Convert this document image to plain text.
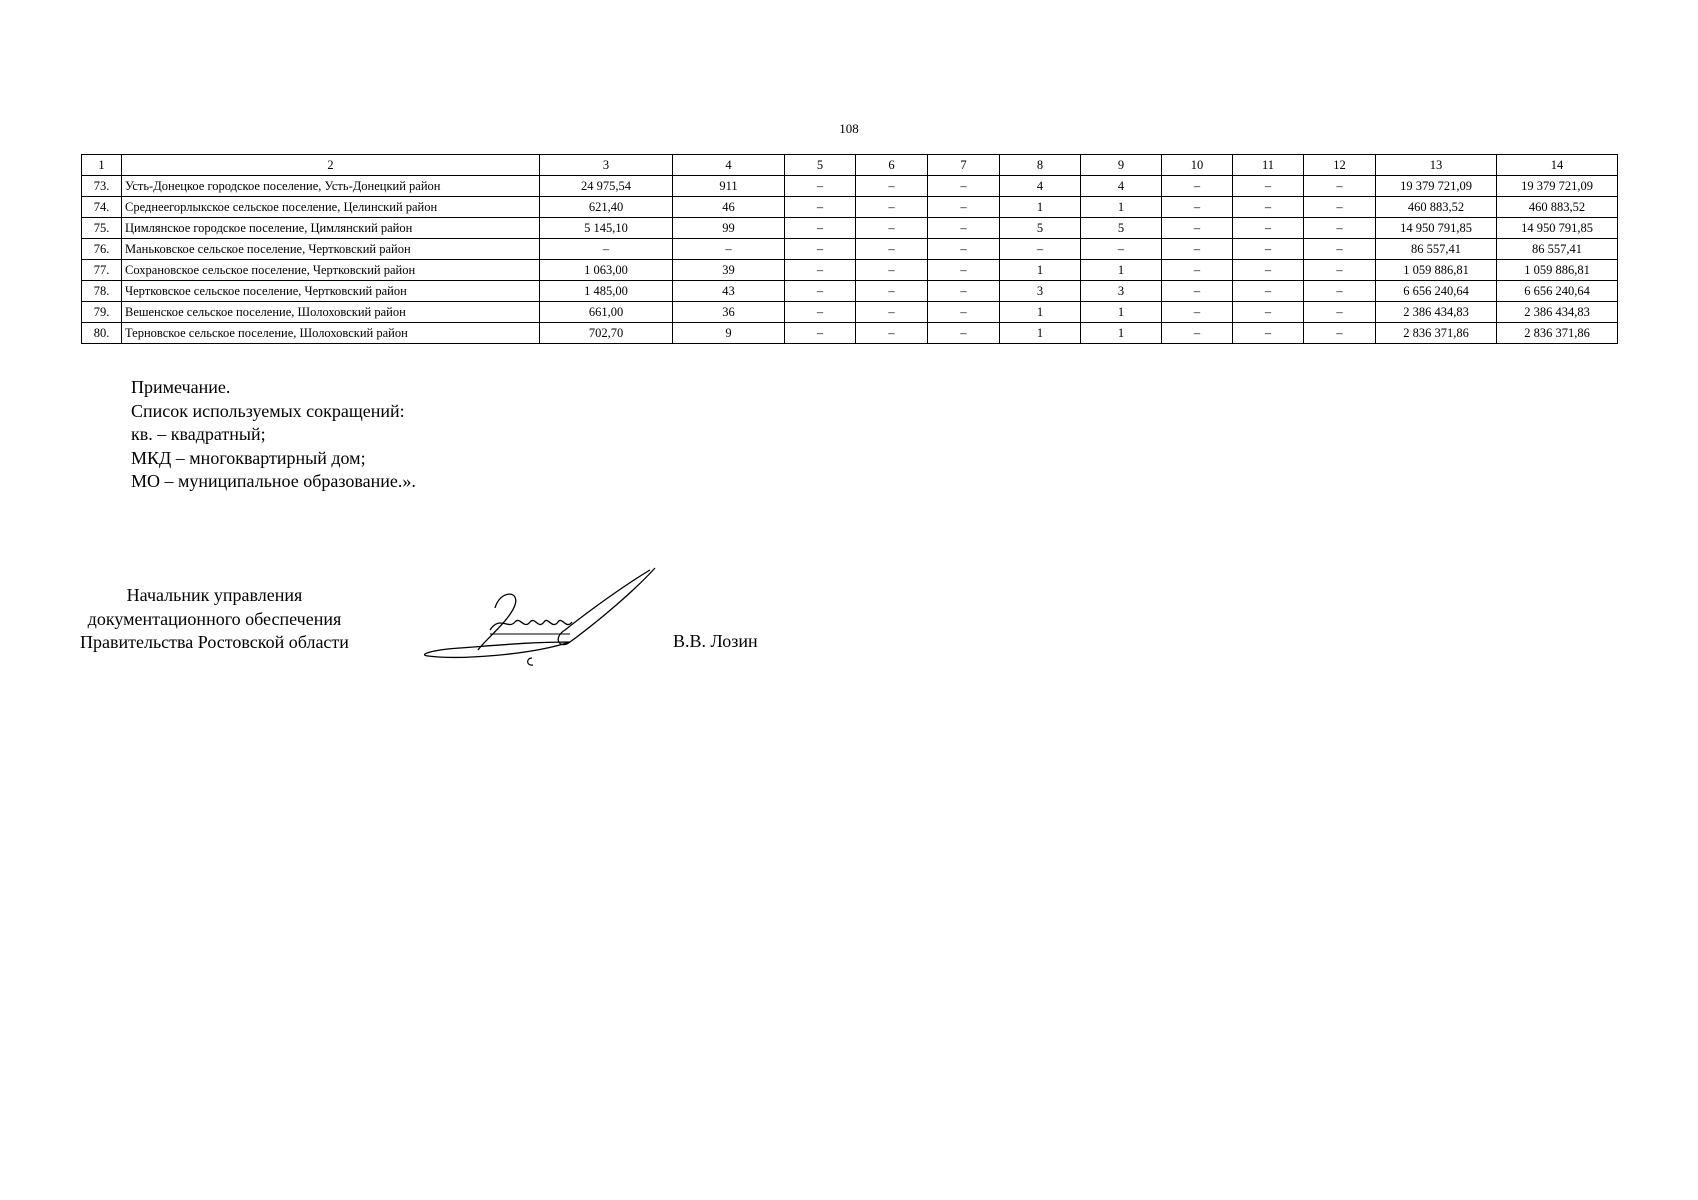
108
1	2	3	4	5	6	7	8	9	10	11	12	13	14
73.	Усть-Донецкое городское поселение, Усть-Донецкий район	24 975,54	911	–	–	–	4	4	–	–	–	19 379 721,09	19 379 721,09
74.	Среднеегорлыкское сельское поселение, Целинский район	621,40	46	–	–	–	1	1	–	–	–	460 883,52	460 883,52
75.	Цимлянское городское поселение, Цимлянский район	5 145,10	99	–	–	–	5	5	–	–	–	14 950 791,85	14 950 791,85
76.	Маньковское сельское поселение, Чертковский район	–	–	–	–	–	–	–	–	–	–	86 557,41	86 557,41
77.	Сохрановское сельское поселение, Чертковский район	1 063,00	39	–	–	–	1	1	–	–	–	1 059 886,81	1 059 886,81
78.	Чертковское сельское поселение, Чертковский район	1 485,00	43	–	–	–	3	3	–	–	–	6 656 240,64	6 656 240,64
79.	Вешенское сельское поселение, Шолоховский район	661,00	36	–	–	–	1	1	–	–	–	2 386 434,83	2 386 434,83
80.	Терновское сельское поселение, Шолоховский район	702,70	9	–	–	–	1	1	–	–	–	2 836 371,86	2 836 371,86
Примечание.
Список используемых сокращений:
кв. – квадратный;
МКД – многоквартирный дом;
МО – муниципальное образование.».
Начальник управления
документационного обеспечения
Правительства Ростовской области	В.В. Лозин
